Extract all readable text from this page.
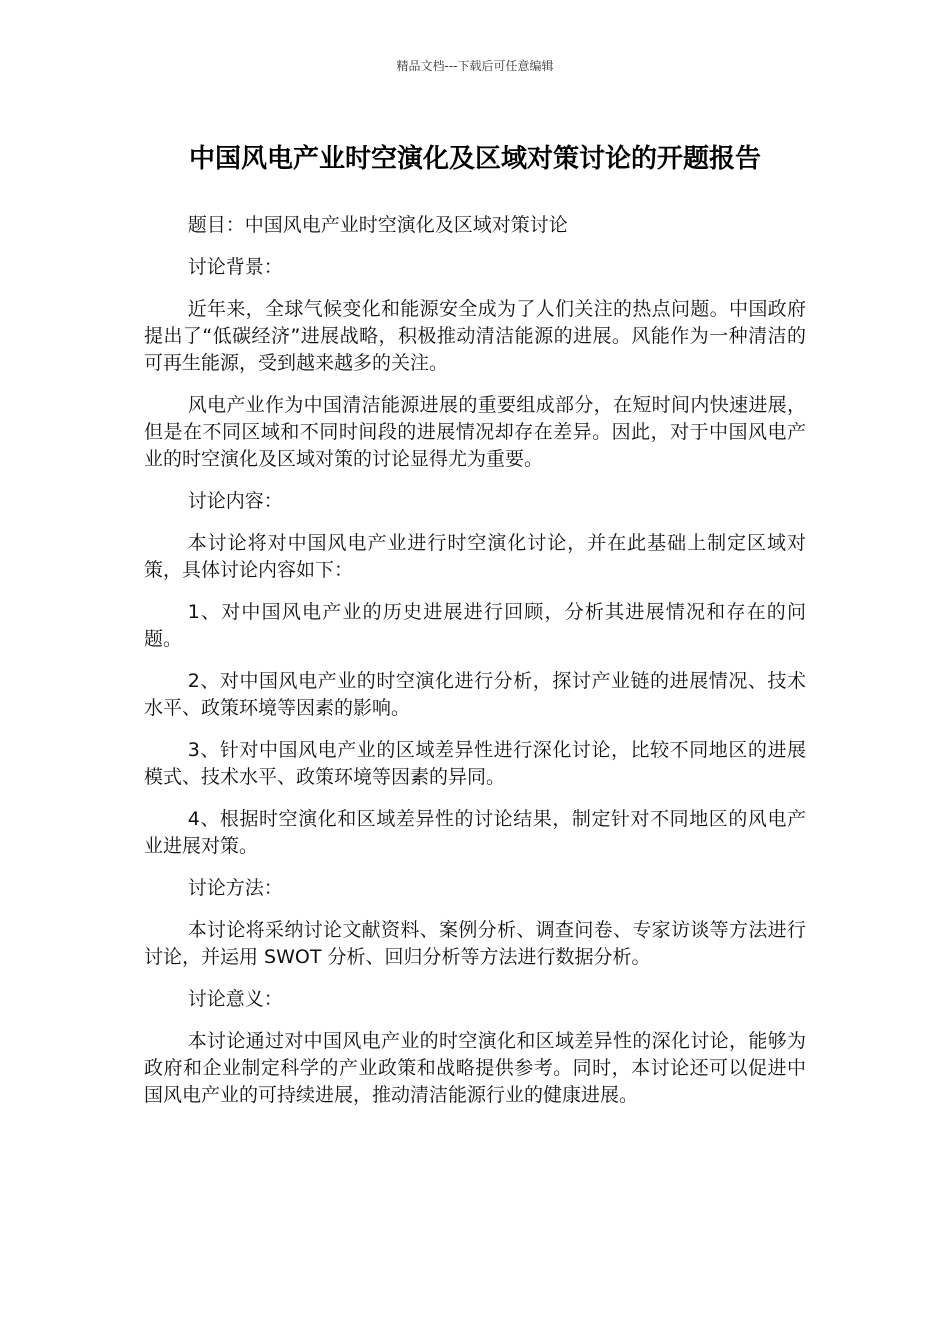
精品文档---下载后可任意编辑
中国风电产业时空演化及区域对策讨论的开题报告

题目：中国风电产业时空演化及区域对策讨论

讨论背景：

近年来，全球气候变化和能源安全成为了人们关注的热点问题。中国政府提出了“低碳经济”进展战略，积极推动清洁能源的进展。风能作为一种清洁的可再生能源，受到越来越多的关注。

风电产业作为中国清洁能源进展的重要组成部分，在短时间内快速进展，但是在不同区域和不同时间段的进展情况却存在差异。因此，对于中国风电产业的时空演化及区域对策的讨论显得尤为重要。

讨论内容：

本讨论将对中国风电产业进行时空演化讨论，并在此基础上制定区域对策，具体讨论内容如下：

1、对中国风电产业的历史进展进行回顾，分析其进展情况和存在的问题。

2、对中国风电产业的时空演化进行分析，探讨产业链的进展情况、技术水平、政策环境等因素的影响。

3、针对中国风电产业的区域差异性进行深化讨论，比较不同地区的进展模式、技术水平、政策环境等因素的异同。

4、根据时空演化和区域差异性的讨论结果，制定针对不同地区的风电产业进展对策。

讨论方法：

本讨论将采纳讨论文献资料、案例分析、调查问卷、专家访谈等方法进行讨论，并运用 SWOT 分析、回归分析等方法进行数据分析。

讨论意义：

本讨论通过对中国风电产业的时空演化和区域差异性的深化讨论，能够为政府和企业制定科学的产业政策和战略提供参考。同时，本讨论还可以促进中国风电产业的可持续进展，推动清洁能源行业的健康进展。
